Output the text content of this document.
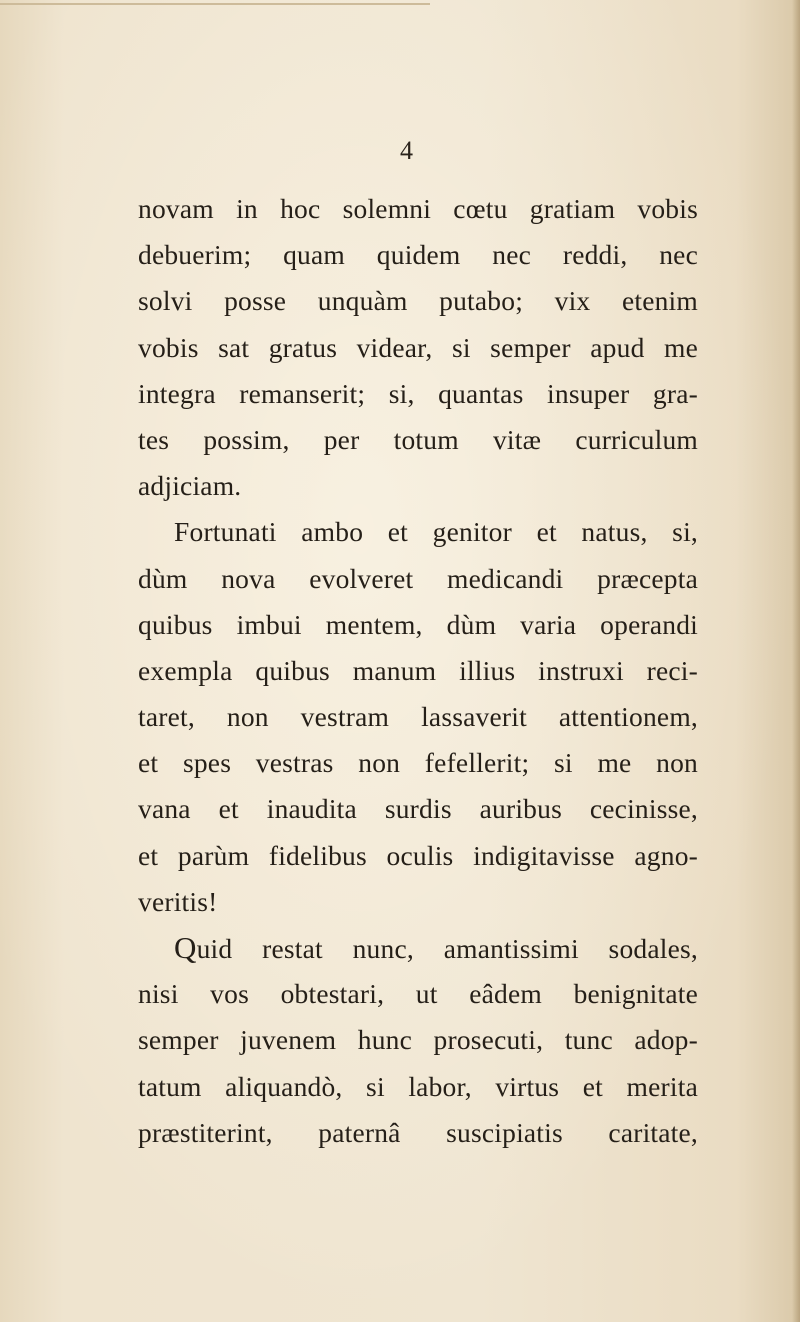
4
novam in hoc solemni cœtu gratiam vobis
debuerim; quam quidem nec reddi, nec
solvi posse unquàm putabo; vix etenim
vobis sat gratus videar, si semper apud me
integra remanserit; si, quantas insuper gra-
tes possim, per totum vitæ curriculum
adjiciam.
Fortunati ambo et genitor et natus, si,
dùm nova evolveret medicandi præcepta
quibus imbui mentem, dùm varia operandi
exempla quibus manum illius instruxi reci-
taret, non vestram lassaverit attentionem,
et spes vestras non fefellerit; si me non
vana et inaudita surdis auribus cecinisse,
et parùm fidelibus oculis indigitavisse agno-
veritis!
Quid restat nunc, amantissimi sodales,
nisi vos obtestari, ut eâdem benignitate
semper juvenem hunc prosecuti, tunc adop-
tatum aliquandò, si labor, virtus et merita
præstiterint, paternâ suscipiatis caritate,
